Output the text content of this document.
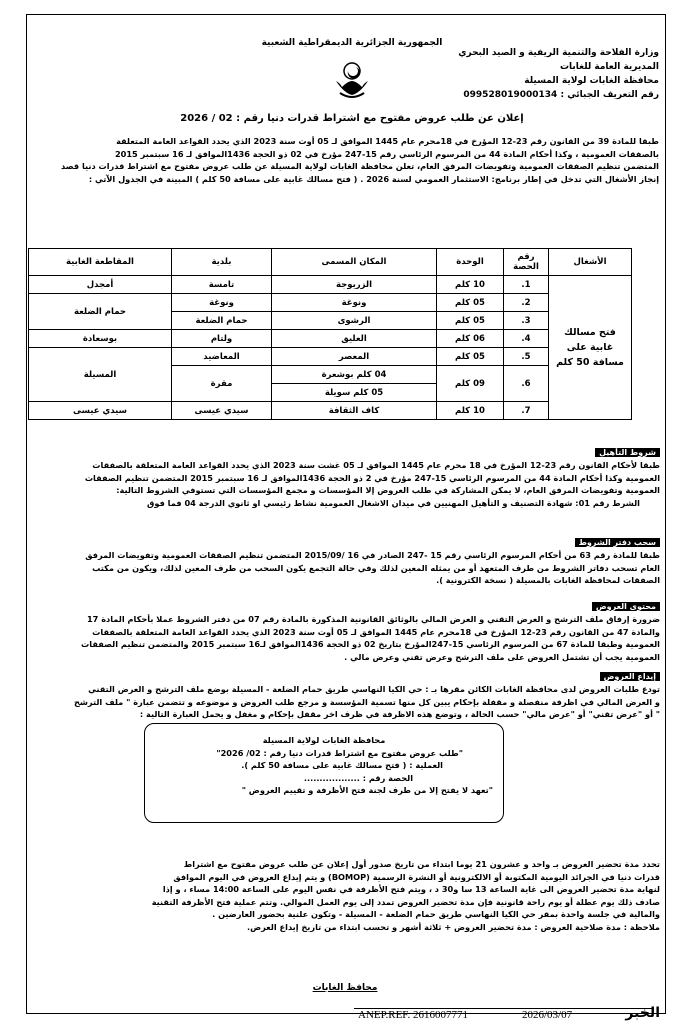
الجمهورية الجزائرية الديمقراطية الشعبية
وزارة الفلاحة والتنمية الريفية و الصيد البحري
المديرية العامة للغابات
محافظة الغابات لولاية المسيلة
رقم التعريف الجبائي : 099528019000134
إعلان عن طلب عروض مفتوح مع اشتراط قدرات دنيا رقم : 02 / 2026
طبقا للمادة 39 من القانون رقم 23-12 المؤرخ في 18محرم عام 1445 الموافق لـ 05 أوت سنة 2023 الذي يحدد القواعد العامة المتعلقة
بالصفقات العمومية ، وكذا أحكام المادة 44 من المرسوم الرئاسي رقم 15-247 مؤرخ في 02 ذو الحجة 1436الموافق لـ 16 سبتمبر 2015
المتضمن تنظيم الصفقات العمومية وتفويضات المرفق العام، تعلن محافظة الغابات لولاية المسيلة عن طلب عروض مفتوح مع اشتراط قدرات دنيا قصد
إنجاز الأشغال التي تدخل في إطار برنامج: الاستثمار العمومي لسنة 2026 . ( فتح مسالك غابية على مسافة 50 كلم ) المبينة في الجدول الآتي :
الأشغال	رقم الحصة	الوحدة	المكان المسمى	بلدية	المقاطعة الغابية
فتح مسالك غابية على مسافة 50 كلم	1.	10 كلم	الزريوجة	تامسة	أمجدل
	2.	05 كلم	ونوغة	ونوغة	حمام الضلعة
	3.	05 كلم	الرشوى	حمام الضلعة	
	4.	06 كلم	العليق	ولتام	بوسعادة
	5.	05 كلم	المعصر	المعاضيد	المسيلة
	6.	09 كلم	04 كلم بوشعرة	مقرة	
			05 كلم سويلة		
	7.	10 كلم	كاف الثقافة	سيدي عيسى	سيدي عيسى
شروط التأهيل
طبقا لأحكام القانون رقم 23-12 المؤرخ في 18 محرم عام 1445 الموافق لـ 05 غشت سنة 2023 الذي يحدد القواعد العامة المتعلقة بالصفقات
العمومية وكذا أحكام المادة 44 من المرسوم الرئاسي 15-247 مؤرخ في 2 ذو الحجة 1436الموافق لـ 16 سبتمبر 2015 المتضمن تنظيم الصفقات
العمومية وتفويضات المرفق العام، لا يمكن المشاركة في طلب العروض إلا المؤسسات و مجمع المؤسسات التي تستوفي الشروط التالية:
الشرط رقم 01: شهادة التصنيف و التأهيل المهنيين في ميدان الاشغال العمومية نشاط رئيسي او ثانوي الدرجة 04 فما فوق
سحب دفتر الشروط
طبقا للمادة رقم 63 من أحكام المرسوم الرئاسي رقم 15 -247 الصادر في 16 /2015/09 المتضمن تنظيم الصفقات العمومية وتفويضات المرفق
العام تسحب دفاتر الشروط من طرف المتعهد أو من يمثله المعين لذلك وفي حالة التجمع يكون السحب من طرف المعين لذلك، ويكون من مكتب
الصفقات لمحافظة الغابات بالمسيلة ( نسخة الكترونية ).
محتوى العروض
ضرورة إرفاق ملف الترشح و العرض التقني و العرض المالي بالوثائق القانونية المذكورة بالمادة رقم 07 من دفتر الشروط عملا بأحكام المادة 17
والمادة 47 من القانون رقم 23-12 المؤرخ في 18محرم عام 1445 الموافق لـ 05 أوت سنة 2023 الذي يحدد القواعد العامة المتعلقة بالصفقات
العمومية وطبقا للمادة 67 من المرسوم الرئاسي 15-247المؤرخ بتاريخ 02 ذو الحجة 1436الموافق لـ16 سبتمبر 2015 والمتضمن تنظيم الصفقات
العمومية يجب أن تشتمل العروض على ملف الترشح وعرض تقني وعرض مالي .
إيداع العروض
تودع طلبات العروض لدى محافظة الغابات الكائن مقرها بـ : حي الكيا النهاسي طريق حمام الضلعة - المسيلة بوضع ملف الترشح و العرض التقني
و العرض المالي في اظرفة منفصلة و مقفلة بإحكام يبين كل منها تسمية المؤسسة و مرجع طلب العروض و موضوعه و تتضمن عبارة " ملف الترشح
" أو "عرض تقني" أو "عرض مالي" حسب الحالة ، وتوضع هذه الاظرفة في ظرف اخر مقفل بإحكام و مغفل و يحمل العبارة التالية :
محافظة الغابات لولاية المسيلة
"طلب عروض مفتوح مع اشتراط قدرات دنيا رقم : 02/ 2026"
العملية : ( فتح مسالك غابية على مسافة 50 كلم ).
الحصة رقم : ..................
"تعهد لا يفتح إلا من طرف لجنة فتح الأظرفة و تقييم العروض "
تحدد مدة تحضير العروض بـ واحد و عشرون 21 يوما ابتداء من تاريخ صدور أول إعلان عن طلب عروض مفتوح مع اشتراط
قدرات دنيا في الجرائد اليومية المكتوبة أو الالكترونية أو النشرة الرسمية (BOMOP) و يتم إيداع العروض في اليوم الموافق
لنهاية مدة تحضير العروض الى غاية الساعة 13 سا و30 د ، ويتم فتح الأظرفة في نفس اليوم على الساعة 14:00 مساء ، و إذا
صادف ذلك يوم عطلة أو يوم راحة قانونية فإن مدة تحضير العروض تمدد إلى يوم العمل الموالي. وتتم عملية فتح الأظرفة التقنية
والمالية في جلسة واحدة بمقر حي الكيا النهاسي طريق حمام الضلعة - المسيلة - وتكون علنية بحضور العارضين .
ملاحظة : مدة صلاحية العروض : مدة تحضير العروض + ثلاثة أشهر و تحسب ابتداء من تاريخ إيداع العرض.
محافظ الغابات
ANEP.REF. 2616007771	2026/03/07	الخبر
